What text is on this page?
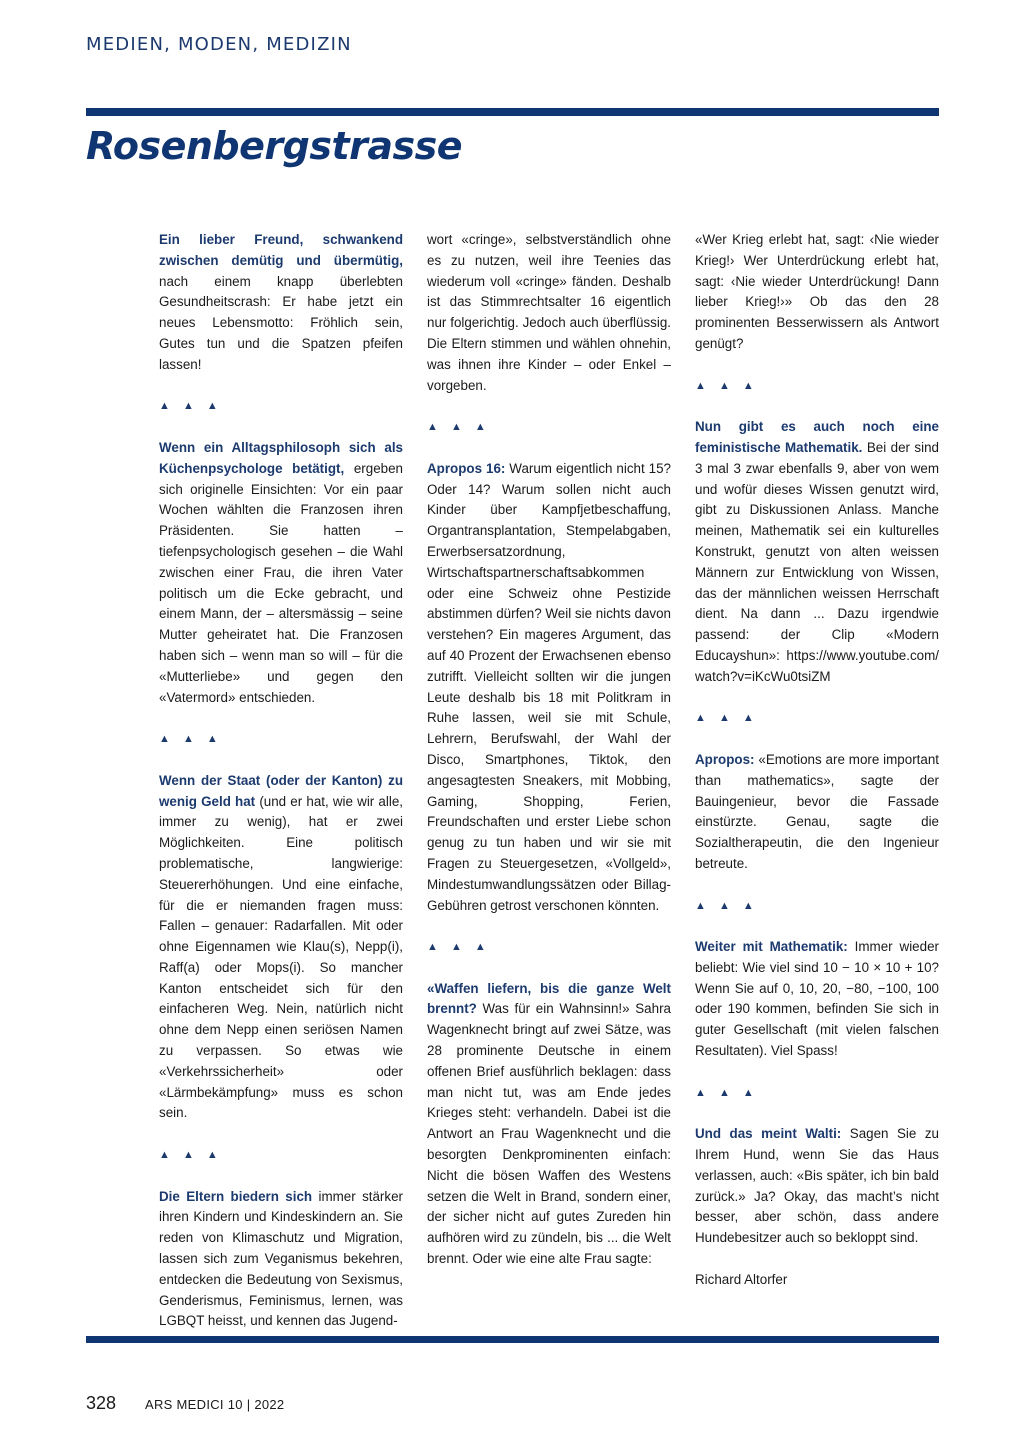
MEDIEN, MODEN, MEDIZIN
Rosenbergstrasse

Ein lieber Freund, schwankend zwischen demütig und übermütig, nach einem knapp überlebten Gesundheitscrash: Er habe jetzt ein neues Lebensmotto: Fröhlich sein, Gutes tun und die Spatzen pfeifen lassen!

▲ ▲ ▲

Wenn ein Alltagsphilosoph sich als Küchenpsychologe betätigt, ergeben sich originelle Einsichten: Vor ein paar Wochen wählten die Franzosen ihren Präsidenten. Sie hatten – tiefenpsychologisch gesehen – die Wahl zwischen einer Frau, die ihren Vater politisch um die Ecke gebracht, und einem Mann, der – altersmässig – seine Mutter geheiratet hat. Die Franzosen haben sich – wenn man so will – für die «Mutterliebe» und gegen den «Vatermord» entschieden.

▲ ▲ ▲

Wenn der Staat (oder der Kanton) zu wenig Geld hat (und er hat, wie wir alle, immer zu wenig), hat er zwei Möglichkeiten. Eine politisch problematische, langwierige: Steuererhöhungen. Und eine einfache, für die er niemanden fragen muss: Fallen – genauer: Radarfallen. Mit oder ohne Eigennamen wie Klau(s), Nepp(i), Raff(a) oder Mops(i). So mancher Kanton entscheidet sich für den einfacheren Weg. Nein, natürlich nicht ohne dem Nepp einen seriösen Namen zu verpassen. So etwas wie «Verkehrssicherheit» oder «Lärmbekämpfung» muss es schon sein.

▲ ▲ ▲

Die Eltern biedern sich immer stärker ihren Kindern und Kindeskindern an. Sie reden von Klimaschutz und Migration, lassen sich zum Veganismus bekehren, entdecken die Bedeutung von Sexismus, Genderismus, Feminismus, lernen, was LGBQT heisst, und kennen das Jugend-

wort «cringe», selbstverständlich ohne es zu nutzen, weil ihre Teenies das wiederum voll «cringe» fänden. Deshalb ist das Stimmrechtsalter 16 eigentlich nur folgerichtig. Jedoch auch überflüssig. Die Eltern stimmen und wählen ohnehin, was ihnen ihre Kinder – oder Enkel – vorgeben.

▲ ▲ ▲

Apropos 16: Warum eigentlich nicht 15? Oder 14? Warum sollen nicht auch Kinder über Kampfjetbeschaffung, Organtransplantation, Stempelabgaben, Erwerbsersatzordnung, Wirtschaftspartnerschaftsabkommen oder eine Schweiz ohne Pestizide abstimmen dürfen? Weil sie nichts davon verstehen? Ein mageres Argument, das auf 40 Prozent der Erwachsenen ebenso zutrifft. Vielleicht sollten wir die jungen Leute deshalb bis 18 mit Politkram in Ruhe lassen, weil sie mit Schule, Lehrern, Berufswahl, der Wahl der Disco, Smartphones, Tiktok, den angesagtesten Sneakers, mit Mobbing, Gaming, Shopping, Ferien, Freundschaften und erster Liebe schon genug zu tun haben und wir sie mit Fragen zu Steuergesetzen, «Vollgeld», Mindestumwandlungssätzen oder Billag-Gebühren getrost verschonen könnten.

▲ ▲ ▲

«Waffen liefern, bis die ganze Welt brennt? Was für ein Wahnsinn!» Sahra Wagenknecht bringt auf zwei Sätze, was 28 prominente Deutsche in einem offenen Brief ausführlich beklagen: dass man nicht tut, was am Ende jedes Krieges steht: verhandeln. Dabei ist die Antwort an Frau Wagenknecht und die besorgten Denkprominenten einfach: Nicht die bösen Waffen des Westens setzen die Welt in Brand, sondern einer, der sicher nicht auf gutes Zureden hin aufhören wird zu zündeln, bis ... die Welt brennt. Oder wie eine alte Frau sagte:

«Wer Krieg erlebt hat, sagt: ‹Nie wieder Krieg!› Wer Unterdrückung erlebt hat, sagt: ‹Nie wieder Unterdrückung! Dann lieber Krieg!›» Ob das den 28 prominenten Besserwissern als Antwort genügt?

▲ ▲ ▲

Nun gibt es auch noch eine feministische Mathematik. Bei der sind 3 mal 3 zwar ebenfalls 9, aber von wem und wofür dieses Wissen genutzt wird, gibt zu Diskussionen Anlass. Manche meinen, Mathematik sei ein kulturelles Konstrukt, genutzt von alten weissen Männern zur Entwicklung von Wissen, das der männlichen weissen Herrschaft dient. Na dann ... Dazu irgendwie passend: der Clip «Modern Educayshun»: https://www.youtube.com/ watch?v=iKcWu0tsiZM

▲ ▲ ▲

Apropos: «Emotions are more important than mathematics», sagte der Bauingenieur, bevor die Fassade einstürzte. Genau, sagte die Sozialtherapeutin, die den Ingenieur betreute.

▲ ▲ ▲

Weiter mit Mathematik: Immer wieder beliebt: Wie viel sind 10 − 10 × 10 + 10? Wenn Sie auf 0, 10, 20, −80, −100, 100 oder 190 kommen, befinden Sie sich in guter Gesellschaft (mit vielen falschen Resultaten). Viel Spass!

▲ ▲ ▲

Und das meint Walti: Sagen Sie zu Ihrem Hund, wenn Sie das Haus verlassen, auch: «Bis später, ich bin bald zurück.» Ja? Okay, das macht’s nicht besser, aber schön, dass andere Hundebesitzer auch so bekloppt sind.

Richard Altorfer

328 ARS MEDICI 10 | 2022
